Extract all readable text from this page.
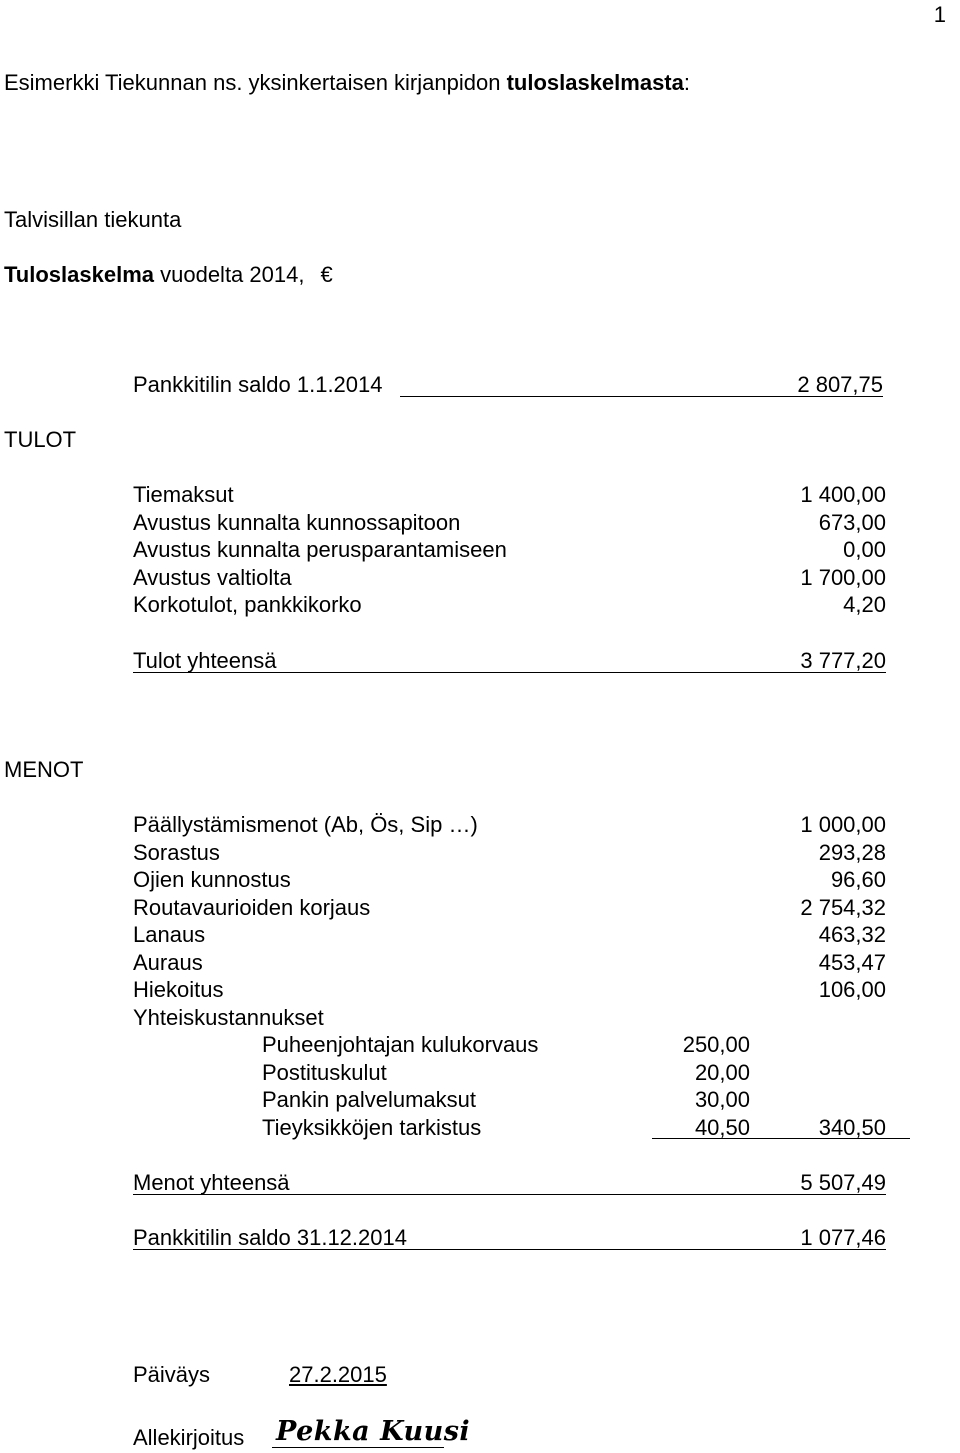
1
Esimerkki Tiekunnan ns. yksinkertaisen kirjanpidon tuloslaskelmasta:
Talvisillan tiekunta
Tuloslaskelma vuodelta 2014, €
Pankkitilin saldo 1.1.2014	2 807,75
TULOT
Tiemaksut	1 400,00
Avustus kunnalta kunnossapitoon	673,00
Avustus kunnalta perusparantamiseen	0,00
Avustus valtiolta	1 700,00
Korkotulot, pankkikorko	4,20
Tulot yhteensä	3 777,20
MENOT
Päällystämismenot (Ab, Ös, Sip …)	1 000,00
Sorastus	293,28
Ojien kunnostus	96,60
Routavaurioiden korjaus	2 754,32
Lanaus	463,32
Auraus	453,47
Hiekoitus	106,00
Yhteiskustannukset
Puheenjohtajan kulukorvaus	250,00
Postituskulut	20,00
Pankin palvelumaksut	30,00
Tieyksikköjen tarkistus	40,50	340,50
Menot yhteensä	5 507,49
Pankkitilin saldo 31.12.2014	1 077,46
Päiväys	27.2.2015
Allekirjoitus Pekka Kuusi
